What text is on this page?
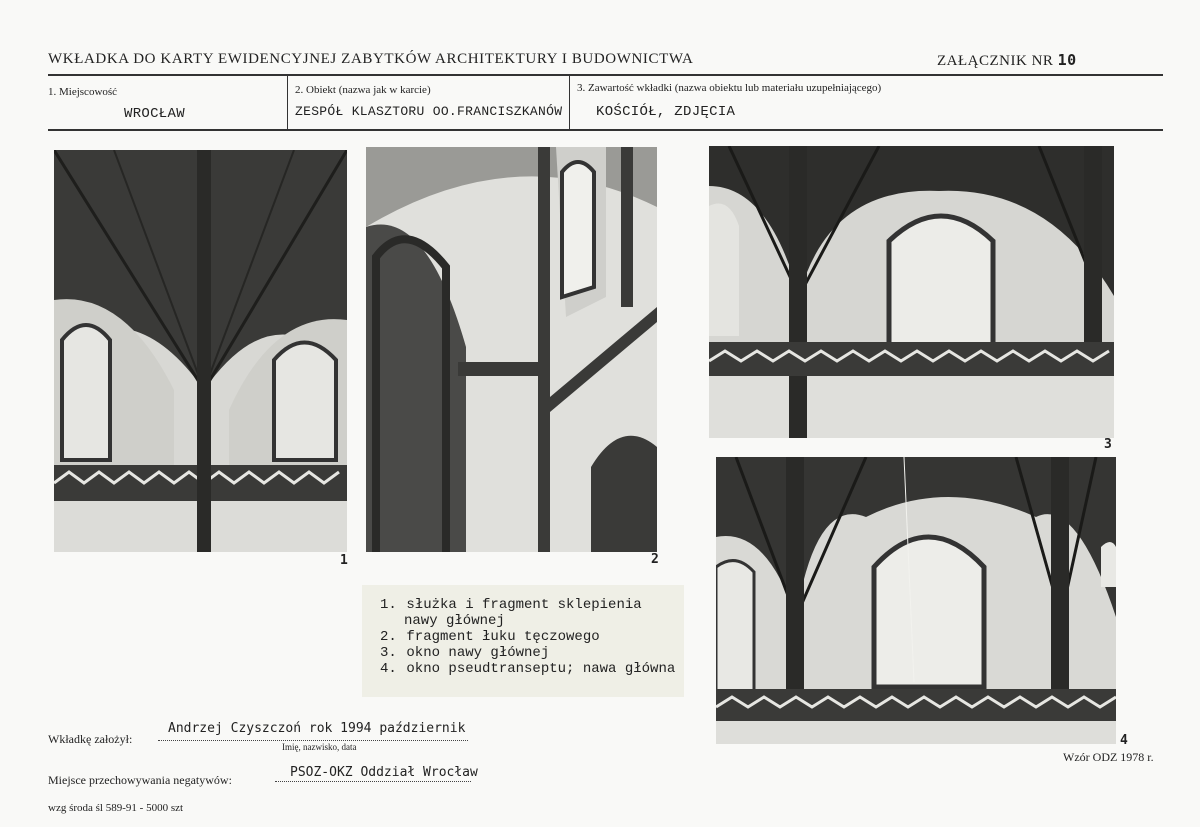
WKŁADKA DO KARTY EWIDENCYJNEJ ZABYTKÓW ARCHITEKTURY I BUDOWNICTWA	ZAŁĄCZNIK NR 10
1. Miejscowość
WROCŁAW
2. Obiekt (nazwa jak w karcie)
ZESPÓŁ KLASZTORU OO.FRANCISZKANÓW
3. Zawartość wkładki (nazwa obiektu lub materiału uzupełniającego)
KOŚCIÓŁ, ZDJĘCIA
1	2
3
4
1. służka i fragment sklepienia
nawy głównej
2. fragment łuku tęczowego
3. okno nawy głównej
4. okno pseudtranseptu; nawa główna
Wkładkę założył:
Andrzej Czyszczoń rok 1994 październik
Imię, nazwisko, data
Miejsce przechowywania negatywów:	PSOZ-OKZ Oddział Wrocław
Wzór ODZ 1978 r.
wzg środa śl 589-91 - 5000 szt
